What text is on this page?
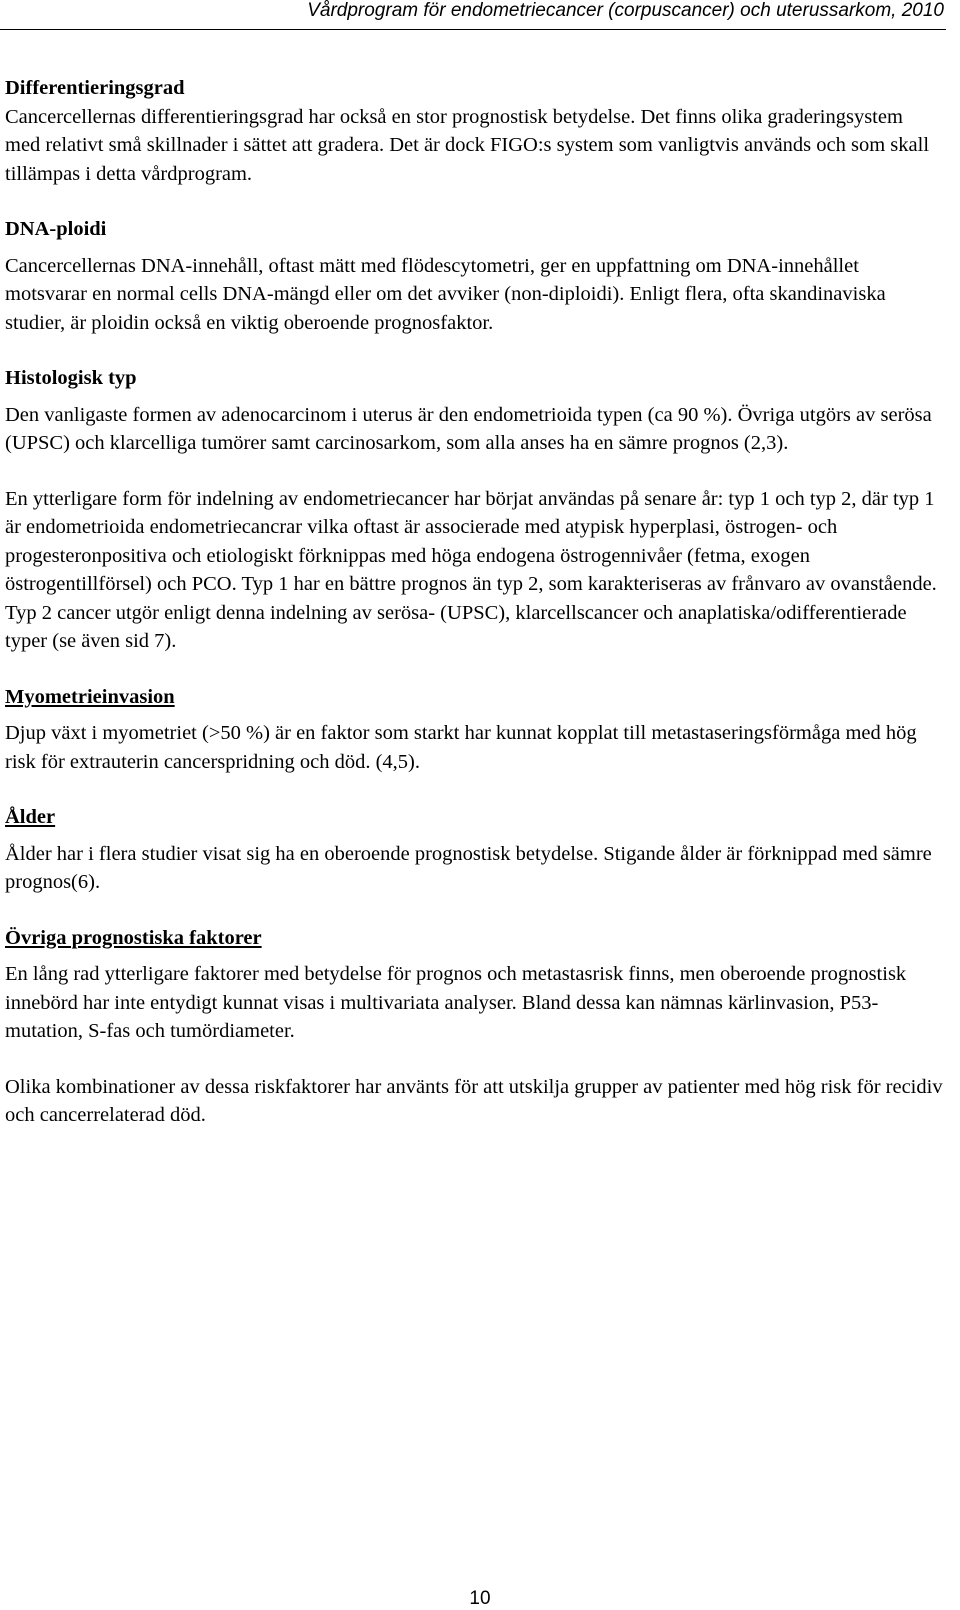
Vårdprogram för endometriecancer (corpuscancer) och uterussarkom, 2010

Differentieringsgrad

Cancercellernas differentieringsgrad har också en stor prognostisk betydelse. Det finns olika graderingsystem med relativt små skillnader i sättet att gradera. Det är dock FIGO:s system som vanligtvis används och som skall tillämpas i detta vårdprogram.

DNA-ploidi

Cancercellernas DNA-innehåll, oftast mätt med flödescytometri, ger en uppfattning om DNA-innehållet motsvarar en normal cells DNA-mängd eller om det avviker (non-diploidi). Enligt flera, ofta skandinaviska studier, är ploidin också en viktig oberoende prognosfaktor.

Histologisk typ

Den vanligaste formen av adenocarcinom i uterus är den endometrioida typen (ca 90 %). Övriga utgörs av serösa (UPSC) och klarcelliga tumörer samt carcinosarkom, som alla anses ha en sämre prognos (2,3).

En ytterligare form för indelning av endometriecancer har börjat användas på senare år: typ 1 och typ 2, där typ 1 är endometrioida endometriecancrar vilka oftast är associerade med atypisk hyperplasi, östrogen- och progesteronpositiva och etiologiskt förknippas med höga endogena östrogennivåer (fetma, exogen östrogentillförsel) och PCO. Typ 1 har en bättre prognos än typ 2, som karakteriseras av frånvaro av ovanstående. Typ 2 cancer utgör enligt denna indelning av serösa- (UPSC), klarcellscancer och anaplatiska/odifferentierade typer (se även sid 7).

Myometrieinvasion

Djup växt i myometriet (>50 %) är en faktor som starkt har kunnat kopplat till metastaseringsförmåga med hög risk för extrauterin cancerspridning och död. (4,5).

Ålder

Ålder har i flera studier visat sig ha en oberoende prognostisk betydelse. Stigande ålder är förknippad med sämre prognos(6).

Övriga prognostiska faktorer

En lång rad ytterligare faktorer med betydelse för prognos och metastasrisk finns, men oberoende prognostisk innebörd har inte entydigt kunnat visas i multivariata analyser. Bland dessa kan nämnas kärlinvasion, P53-mutation, S-fas och tumördiameter.

Olika kombinationer av dessa riskfaktorer har använts för att utskilja grupper av patienter med hög risk för recidiv och cancerrelaterad död.

10
